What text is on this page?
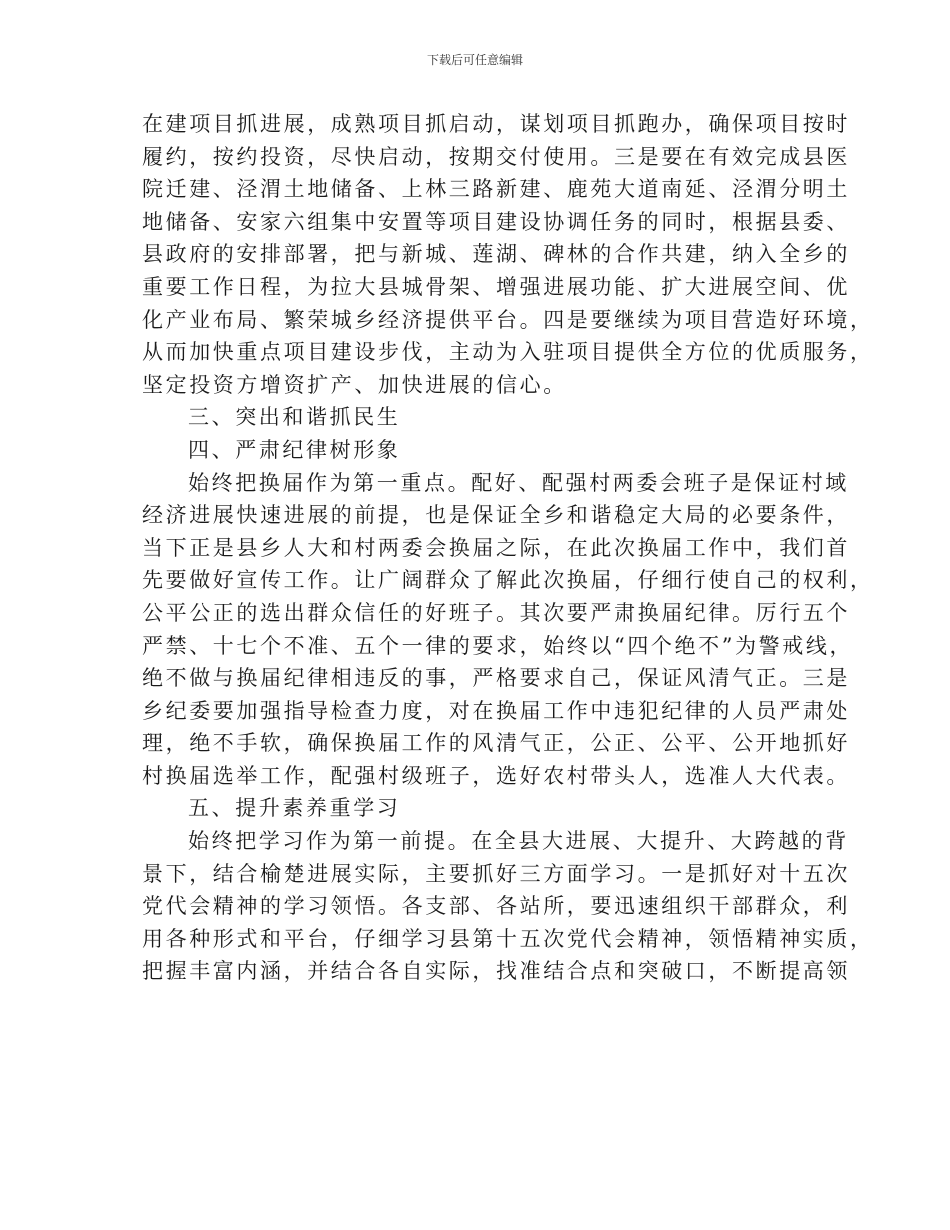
下载后可任意编辑
在建项目抓进展，成熟项目抓启动，谋划项目抓跑办，确保项目按时
履约，按约投资，尽快启动，按期交付使用。三是要在有效完成县医
院迁建、泾渭土地储备、上林三路新建、鹿苑大道南延、泾渭分明土
地储备、安家六组集中安置等项目建设协调任务的同时，根据县委、
县政府的安排部署，把与新城、莲湖、碑林的合作共建，纳入全乡的
重要工作日程，为拉大县城骨架、增强进展功能、扩大进展空间、优
化产业布局、繁荣城乡经济提供平台。四是要继续为项目营造好环境，
从而加快重点项目建设步伐，主动为入驻项目提供全方位的优质服务，
坚定投资方增资扩产、加快进展的信心。
三、突出和谐抓民生
四、严肃纪律树形象
始终把换届作为第一重点。配好、配强村两委会班子是保证村域
经济进展快速进展的前提，也是保证全乡和谐稳定大局的必要条件，
当下正是县乡人大和村两委会换届之际，在此次换届工作中，我们首
先要做好宣传工作。让广阔群众了解此次换届，仔细行使自己的权利，
公平公正的选出群众信任的好班子。其次要严肃换届纪律。厉行五个
严禁、十七个不准、五个一律的要求，始终以“四个绝不”为警戒线，
绝不做与换届纪律相违反的事，严格要求自己，保证风清气正。三是
乡纪委要加强指导检查力度，对在换届工作中违犯纪律的人员严肃处
理，绝不手软，确保换届工作的风清气正，公正、公平、公开地抓好
村换届选举工作，配强村级班子，选好农村带头人，选准人大代表。
五、提升素养重学习
始终把学习作为第一前提。在全县大进展、大提升、大跨越的背
景下，结合榆楚进展实际，主要抓好三方面学习。一是抓好对十五次
党代会精神的学习领悟。各支部、各站所，要迅速组织干部群众，利
用各种形式和平台，仔细学习县第十五次党代会精神，领悟精神实质，
把握丰富内涵，并结合各自实际，找准结合点和突破口，不断提高领
